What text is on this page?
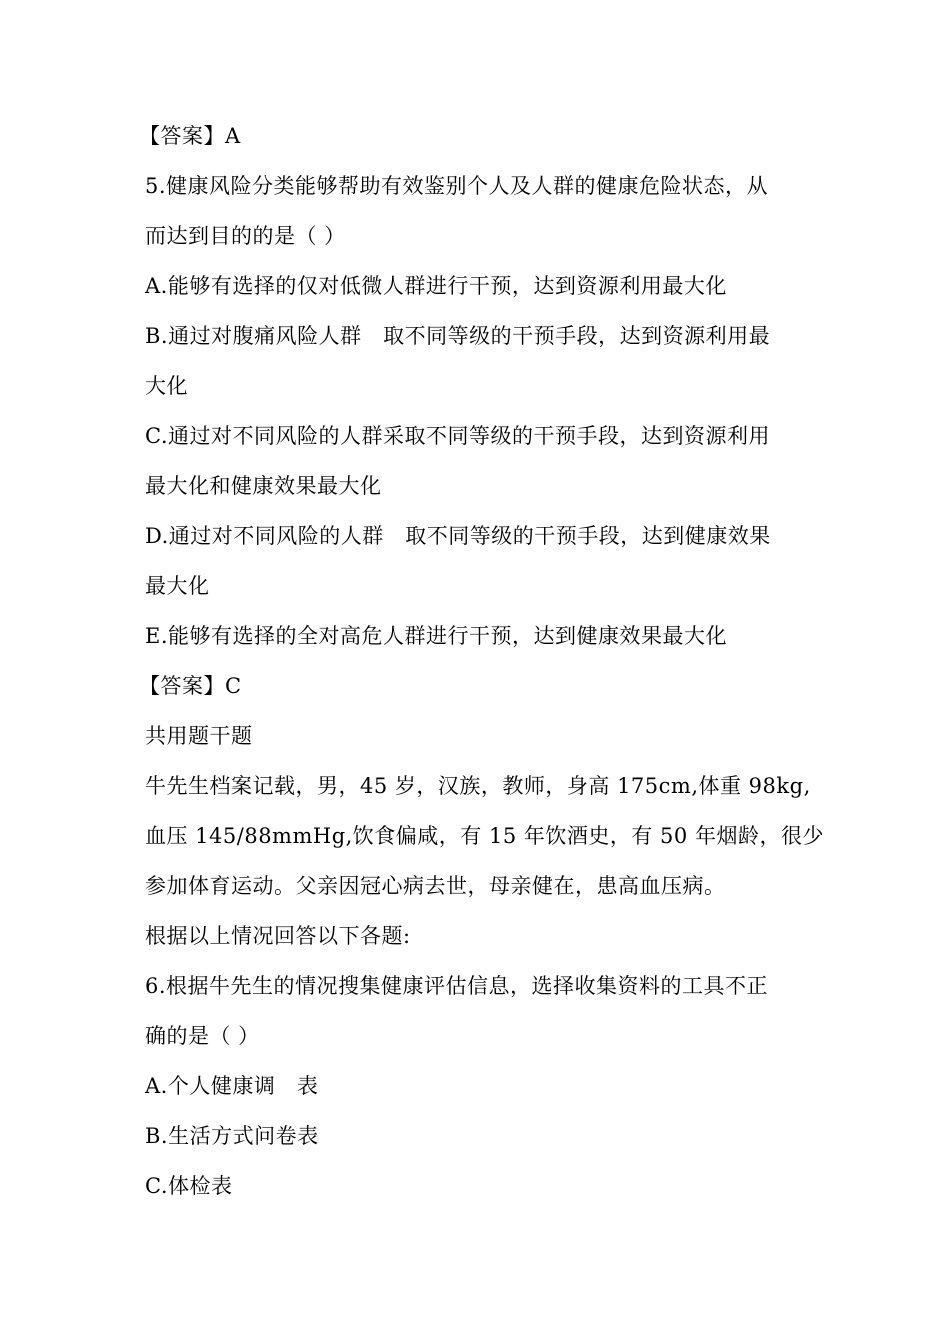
【答案】A
5.健康风险分类能够帮助有效鉴别个人及人群的健康危险状态，从
而达到目的的是（ ）
A.能够有选择的仅对低微人群进行干预，达到资源利用最大化
B.通过对腹痛风险人群　取不同等级的干预手段，达到资源利用最
大化
C.通过对不同风险的人群采取不同等级的干预手段，达到资源利用
最大化和健康效果最大化
D.通过对不同风险的人群　取不同等级的干预手段，达到健康效果
最大化
E.能够有选择的全对高危人群进行干预，达到健康效果最大化
【答案】C
共用题干题
牛先生档案记载，男，45 岁，汉族，教师，身高 175cm,体重 98kg,
血压 145/88mmHg,饮食偏咸，有 15 年饮酒史，有 50 年烟龄，很少
参加体育运动。父亲因冠心病去世，母亲健在，患高血压病。
根据以上情况回答以下各题:
6.根据牛先生的情况搜集健康评估信息，选择收集资料的工具不正
确的是（ ）
A.个人健康调　表
B.生活方式问卷表
C.体检表
